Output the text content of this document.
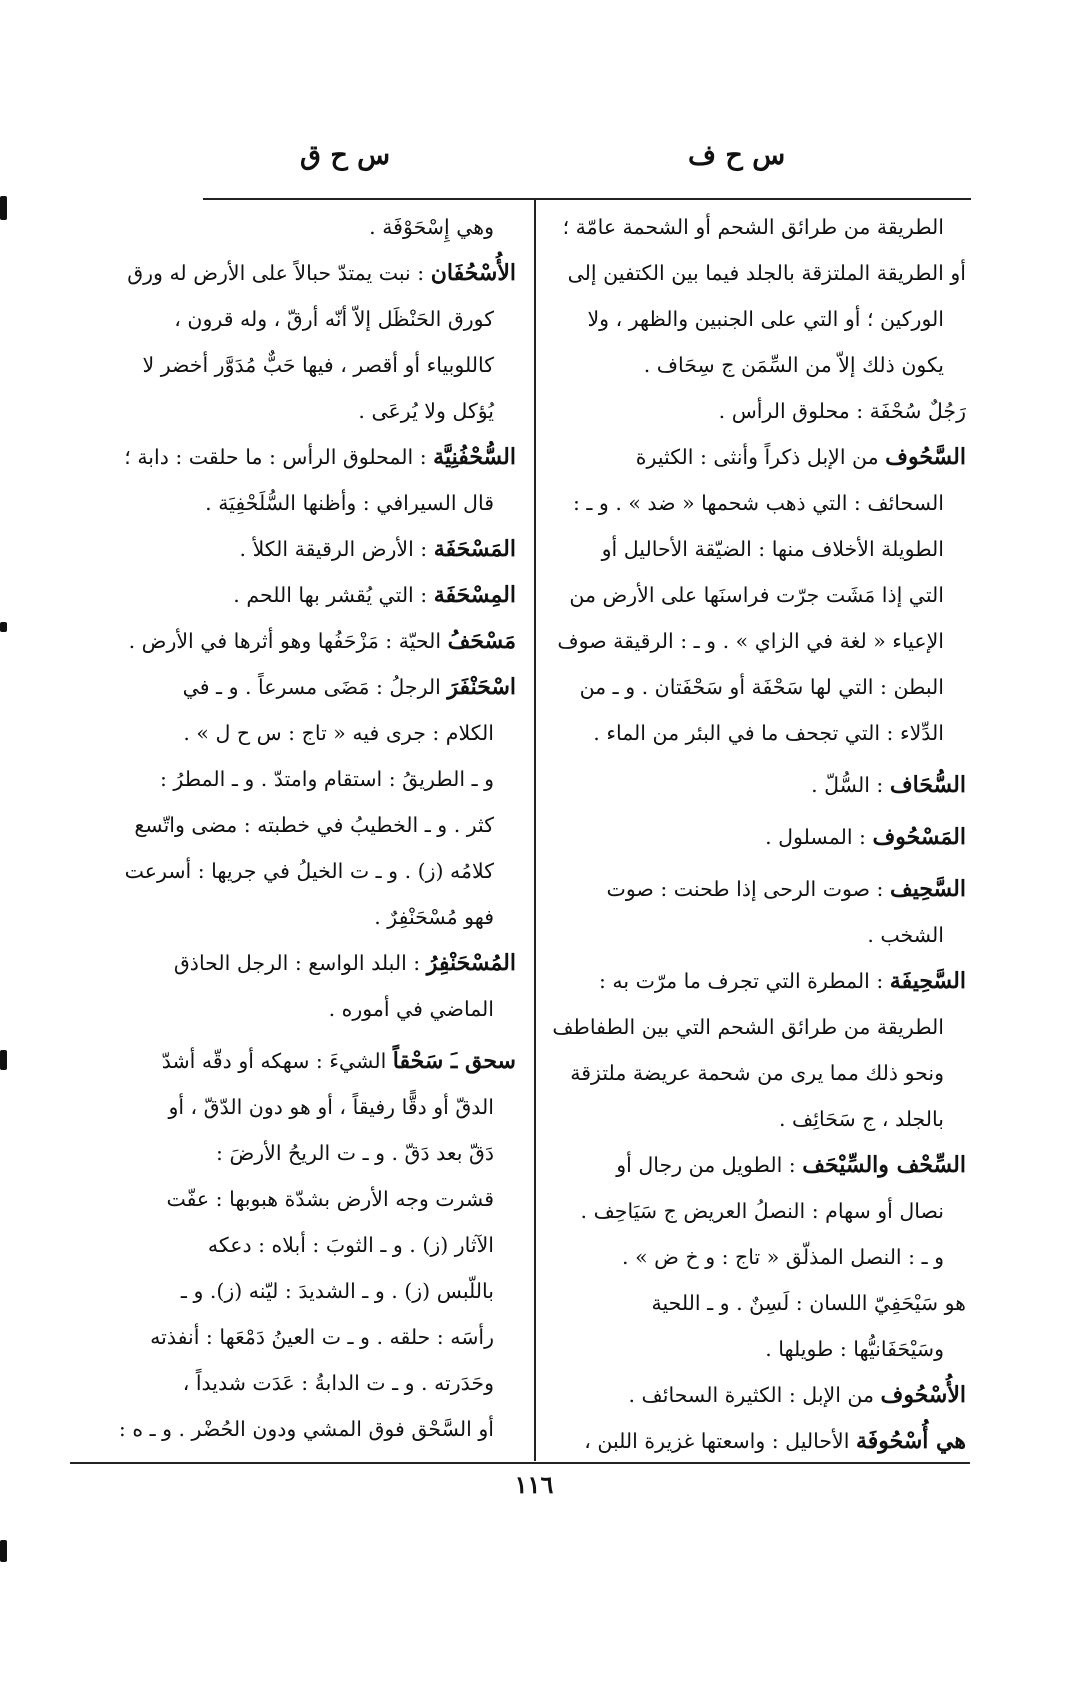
س ح ف
س ح ق
الطريقة من طرائق الشحم أو الشحمة عامّة ؛
أو الطريقة الملتزقة بالجلد فيما بين الكتفين إلى
الوركين ؛ أو التي على الجنبين والظهر ، ولا
يكون ذلك إلاّ من السِّمَن ج سِحَاف .
رَجُلٌ سُحْفَة : محلوق الرأس .
السَّحُوف من الإبل ذكراً وأنثى : الكثيرة
السحائف : التي ذهب شحمها « ضد » . و ـ :
الطويلة الأخلاف منها : الضيّقة الأحاليل أو
التي إذا مَشَت جرّت فراسنَها على الأرض من
الإعياء « لغة في الزاي » . و ـ : الرقيقة صوف
البطن : التي لها سَحْفَة أو سَحْفَتان . و ـ من
الدِّلاء : التي تجحف ما في البئر من الماء .
السُّحَاف : السُّلّ .
المَسْحُوف : المسلول .
السَّحِيف : صوت الرحى إذا طحنت : صوت
الشخب .
السَّحِيفَة : المطرة التي تجرف ما مرّت به :
الطريقة من طرائق الشحم التي بين الطفاطف
ونحو ذلك مما يرى من شحمة عريضة ملتزقة
بالجلد ، ج سَحَائِف .
السِّحْف والسِّيْحَف : الطويل من رجال أو
نصال أو سهام : النصلُ العريض ج سَيَاحِف .
و ـ : النصل المذلّق « تاج : و خ ض » .
هو سَيْحَفِيّ اللسان : لَسِنٌ . و ـ اللحية
وسَيْحَفَانيُّها : طويلها .
الأُسْحُوف من الإبل : الكثيرة السحائف .
هي أُسْحُوفَة الأحاليل : واسعتها غزيرة اللبن ،
وهي إِسْحَوْفَة .
الأُسْحُفَان : نبت يمتدّ حبالاً على الأرض له ورق
كورق الحَنْظَل إلاّ أنّه أرقّ ، وله قرون ،
كاللوبياء أو أقصر ، فيها حَبٌّ مُدَوَّر أخضر لا
يُؤكل ولا يُرعَى .
السُّحْفُنِيَّة : المحلوق الرأس : ما حلقت : دابة ؛
قال السيرافي : وأظنها السُّلَحْفِيَة .
المَسْحَفَة : الأرض الرقيقة الكلأ .
المِسْحَفَة : التي يُقشر بها اللحم .
مَسْحَفُ الحيّة : مَزْحَفُها وهو أثرها في الأرض .
اسْحَنْفَرَ الرجلُ : مَضَى مسرعاً . و ـ في
الكلام : جرى فيه « تاج : س ح ل » .
و ـ الطريقُ : استقام وامتدّ . و ـ المطرُ :
كثر . و ـ الخطيبُ في خطبته : مضى واتّسع
كلامُه (ز) . و ـ ت الخيلُ في جريها : أسرعت
فهو مُسْحَنْفِرٌ .
المُسْحَنْفِرُ : البلد الواسع : الرجل الحاذق
الماضي في أموره .
سحق ـَ سَحْقاً الشيءَ : سهكه أو دقّه أشدّ
الدقّ أو دقًّا رفيقاً ، أو هو دون الدّقّ ، أو
دَقّ بعد دَقّ . و ـ ت الريحُ الأرضَ :
قشرت وجه الأرض بشدّة هبوبها : عفّت
الآثار (ز) . و ـ الثوبَ : أبلاه : دعكه
باللّبس (ز) . و ـ الشديدَ : ليّنه (ز). و ـ
رأسَه : حلقه . و ـ ت العينُ دَمْعَها : أنفذته
وحَدَرته . و ـ ت الدابةُ : عَدَت شديداً ،
أو السَّحْق فوق المشي ودون الحُضْر . و ـ ه :
١١٦
